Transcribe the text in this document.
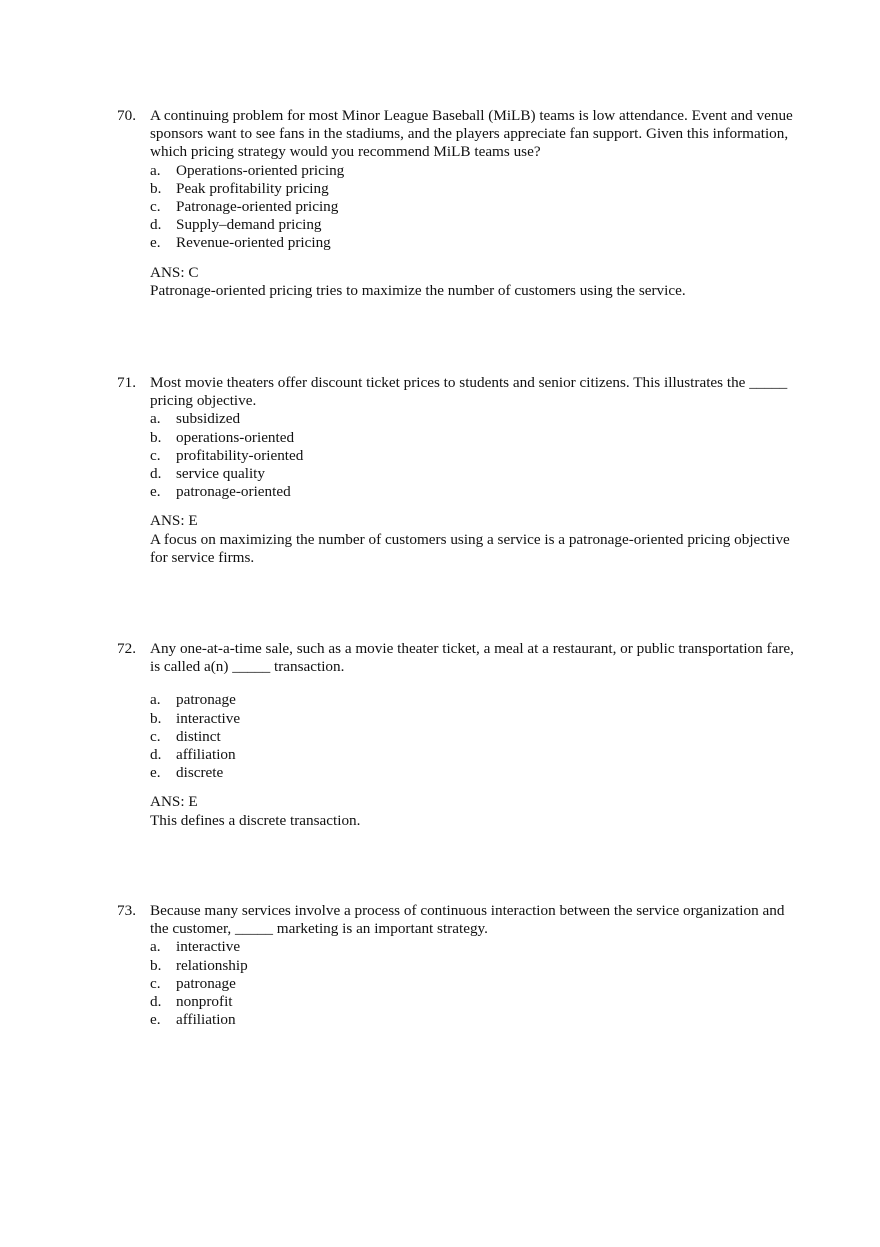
70. A continuing problem for most Minor League Baseball (MiLB) teams is low attendance. Event and venue sponsors want to see fans in the stadiums, and the players appreciate fan support. Given this information, which pricing strategy would you recommend MiLB teams use?
a.	Operations-oriented pricing
b. Peak profitability pricing
c.	Patronage-oriented pricing
d. Supply–demand pricing
e.	Revenue-oriented pricing
ANS: C
Patronage-oriented pricing tries to maximize the number of customers using the service.
71. Most movie theaters offer discount ticket prices to students and senior citizens. This illustrates the _____ pricing objective.
a.	subsidized
b. operations-oriented
c.	profitability-oriented
d. service quality
e.	patronage-oriented
ANS: E
A focus on maximizing the number of customers using a service is a patronage-oriented pricing objective for service firms.
72. Any one-at-a-time sale, such as a movie theater ticket, a meal at a restaurant, or public transportation fare, is called a(n) _____ transaction.
a.	patronage
b. interactive
c.	distinct
d. affiliation
e.	discrete
ANS: E
This defines a discrete transaction.
73. Because many services involve a process of continuous interaction between the service organization and the customer, _____ marketing is an important strategy.
a.	interactive
b. relationship
c.	patronage
d. nonprofit
e.	affiliation
